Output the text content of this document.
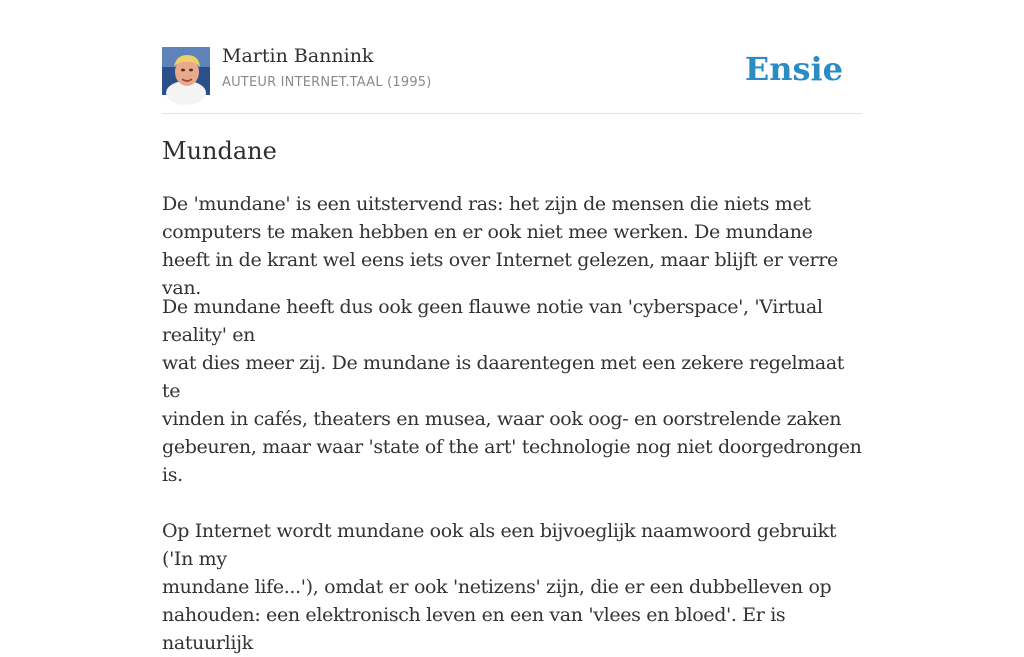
Martin Bannink
AUTEUR INTERNET.TAAL (1995)	Ensie
Mundane

De 'mundane' is een uitstervend ras: het zijn de mensen die niets met computers te maken hebben en er ook niet mee werken. De mundane heeft in de krant wel eens iets over Internet gelezen, maar blijft er verre van.

De mundane heeft dus ook geen flauwe notie van 'cyberspace', 'Virtual reality' en
wat dies meer zij. De mundane is daarentegen met een zekere regelmaat te
vinden in cafés, theaters en musea, waar ook oog- en oorstrelende zaken
gebeuren, maar waar 'state of the art' technologie nog niet doorgedrongen is.

Op Internet wordt mundane ook als een bijvoeglijk naamwoord gebruikt ('In my
mundane life...'), omdat er ook 'netizens' zijn, die er een dubbelleven op
nahouden: een elektronisch leven en een van 'vlees en bloed'. Er is natuurlijk
